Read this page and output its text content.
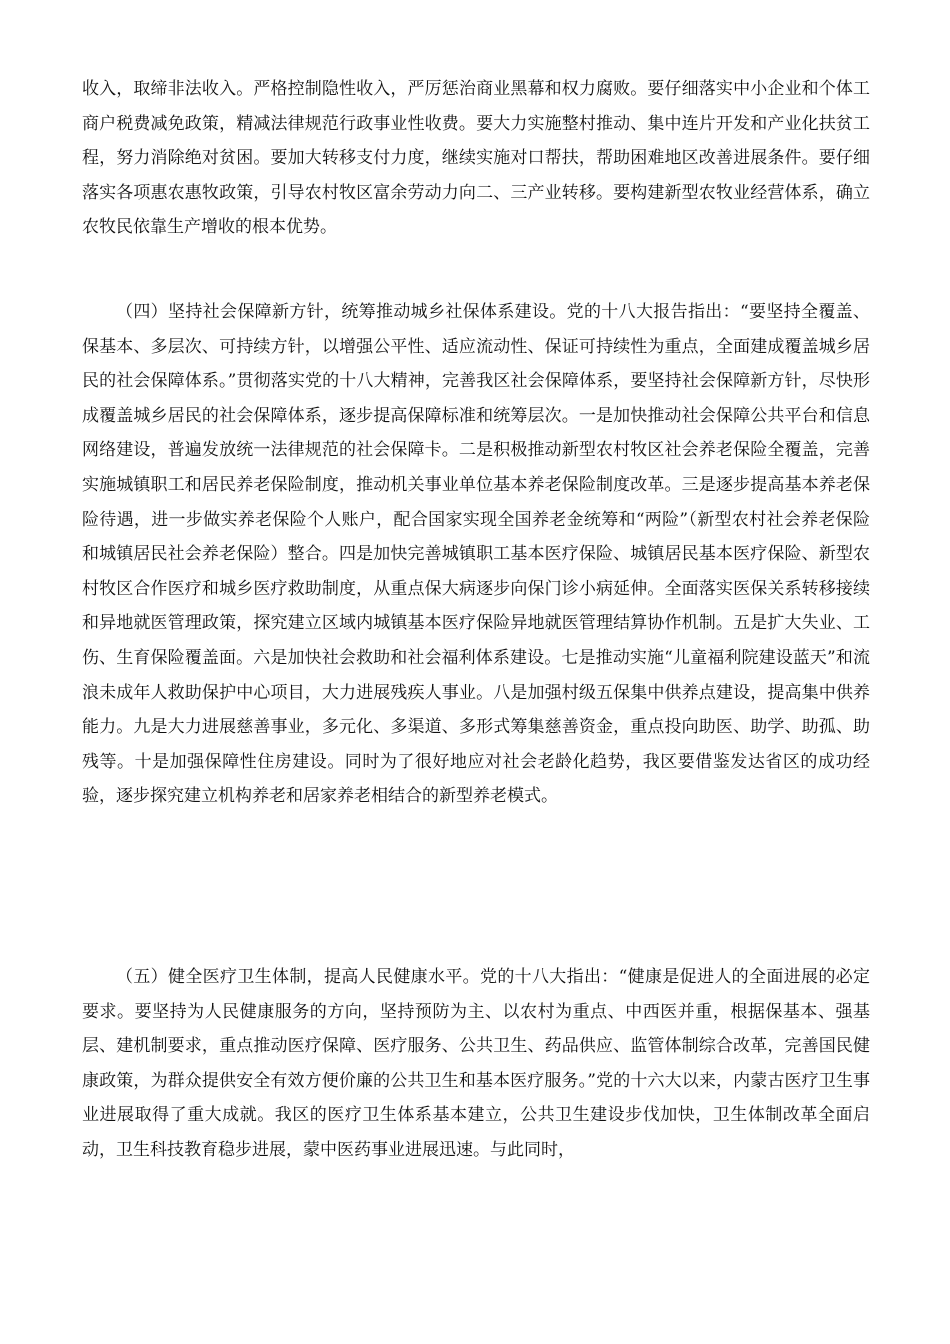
收入，取缔非法收入。严格控制隐性收入，严厉惩治商业黑幕和权力腐败。要仔细落实中小企业和个体工商户税费减免政策，精减法律规范行政事业性收费。要大力实施整村推动、集中连片开发和产业化扶贫工程，努力消除绝对贫困。要加大转移支付力度，继续实施对口帮扶，帮助困难地区改善进展条件。要仔细落实各项惠农惠牧政策，引导农村牧区富余劳动力向二、三产业转移。要构建新型农牧业经营体系，确立农牧民依靠生产增收的根本优势。

（四）坚持社会保障新方针，统筹推动城乡社保体系建设。党的十八大报告指出：“要坚持全覆盖、保基本、多层次、可持续方针，以增强公平性、适应流动性、保证可持续性为重点，全面建成覆盖城乡居民的社会保障体系。”贯彻落实党的十八大精神，完善我区社会保障体系，要坚持社会保障新方针，尽快形成覆盖城乡居民的社会保障体系，逐步提高保障标准和统筹层次。一是加快推动社会保障公共平台和信息网络建设，普遍发放统一法律规范的社会保障卡。二是积极推动新型农村牧区社会养老保险全覆盖，完善实施城镇职工和居民养老保险制度，推动机关事业单位基本养老保险制度改革。三是逐步提高基本养老保险待遇，进一步做实养老保险个人账户，配合国家实现全国养老金统筹和“两险”（新型农村社会养老保险和城镇居民社会养老保险）整合。四是加快完善城镇职工基本医疗保险、城镇居民基本医疗保险、新型农村牧区合作医疗和城乡医疗救助制度，从重点保大病逐步向保门诊小病延伸。全面落实医保关系转移接续和异地就医管理政策，探究建立区域内城镇基本医疗保险异地就医管理结算协作机制。五是扩大失业、工伤、生育保险覆盖面。六是加快社会救助和社会福利体系建设。七是推动实施“儿童福利院建设蓝天”和流浪未成年人救助保护中心项目，大力进展残疾人事业。八是加强村级五保集中供养点建设，提高集中供养能力。九是大力进展慈善事业，多元化、多渠道、多形式筹集慈善资金，重点投向助医、助学、助孤、助残等。十是加强保障性住房建设。同时为了很好地应对社会老龄化趋势，我区要借鉴发达省区的成功经验，逐步探究建立机构养老和居家养老相结合的新型养老模式。

（五）健全医疗卫生体制，提高人民健康水平。党的十八大指出：“健康是促进人的全面进展的必定要求。要坚持为人民健康服务的方向，坚持预防为主、以农村为重点、中西医并重，根据保基本、强基层、建机制要求，重点推动医疗保障、医疗服务、公共卫生、药品供应、监管体制综合改革，完善国民健康政策，为群众提供安全有效方便价廉的公共卫生和基本医疗服务。”党的十六大以来，内蒙古医疗卫生事业进展取得了重大成就。我区的医疗卫生体系基本建立，公共卫生建设步伐加快，卫生体制改革全面启动，卫生科技教育稳步进展，蒙中医药事业进展迅速。与此同时，
